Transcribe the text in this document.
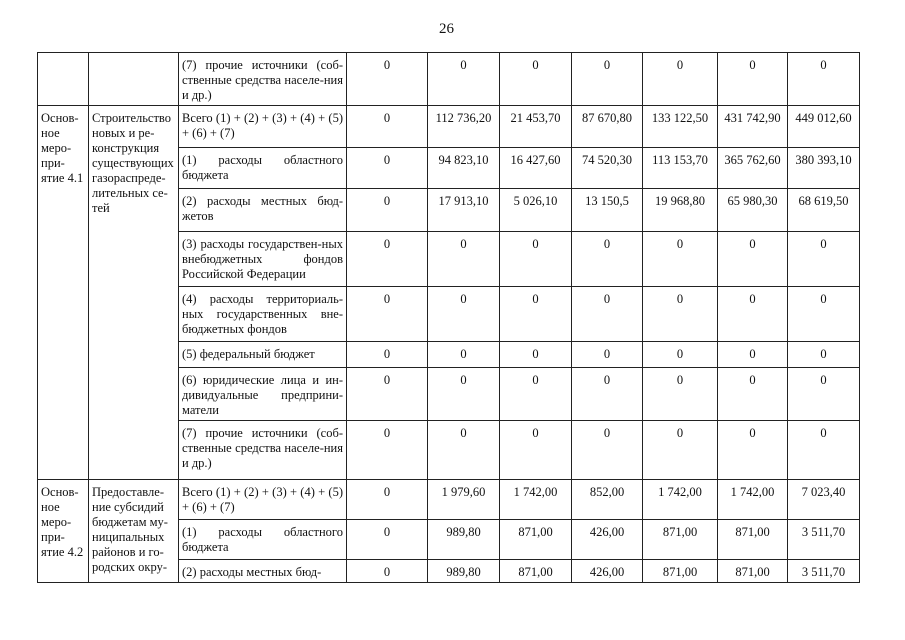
26
		(7) прочие источники (соб-ственные средства населе-ния и др.)	0	0	0	0	0	0	0
Основ-ное меро-при-ятие 4.1	Строительство новых и ре-конструкция существующих газораспреде-лительных се-тей	Всего (1) + (2) + (3) + (4) + (5) + (6) + (7)	0	112 736,20	21 453,70	87 670,80	133 122,50	431 742,90	449 012,60
		(1) расходы областного бюджета	0	94 823,10	16 427,60	74 520,30	113 153,70	365 762,60	380 393,10
		(2) расходы местных бюд-жетов	0	17 913,10	5 026,10	13 150,5	19 968,80	65 980,30	68 619,50
		(3) расходы государствен-ных внебюджетных фондов Российской Федерации	0	0	0	0	0	0	0
		(4) расходы территориаль-ных государственных вне-бюджетных фондов	0	0	0	0	0	0	0
		(5) федеральный бюджет	0	0	0	0	0	0	0
		(6) юридические лица и ин-дивидуальные предприни-матели	0	0	0	0	0	0	0
		(7) прочие источники (соб-ственные средства населе-ния и др.)	0	0	0	0	0	0	0
Основ-ное меро-при-ятие 4.2	Предоставле-ние субсидий бюджетам му-ниципальных районов и го-родских окру-	Всего (1) + (2) + (3) + (4) + (5) + (6) + (7)	0	1 979,60	1 742,00	852,00	1 742,00	1 742,00	7 023,40
		(1) расходы областного бюджета	0	989,80	871,00	426,00	871,00	871,00	3 511,70
		(2) расходы местных бюд-	0	989,80	871,00	426,00	871,00	871,00	3 511,70
